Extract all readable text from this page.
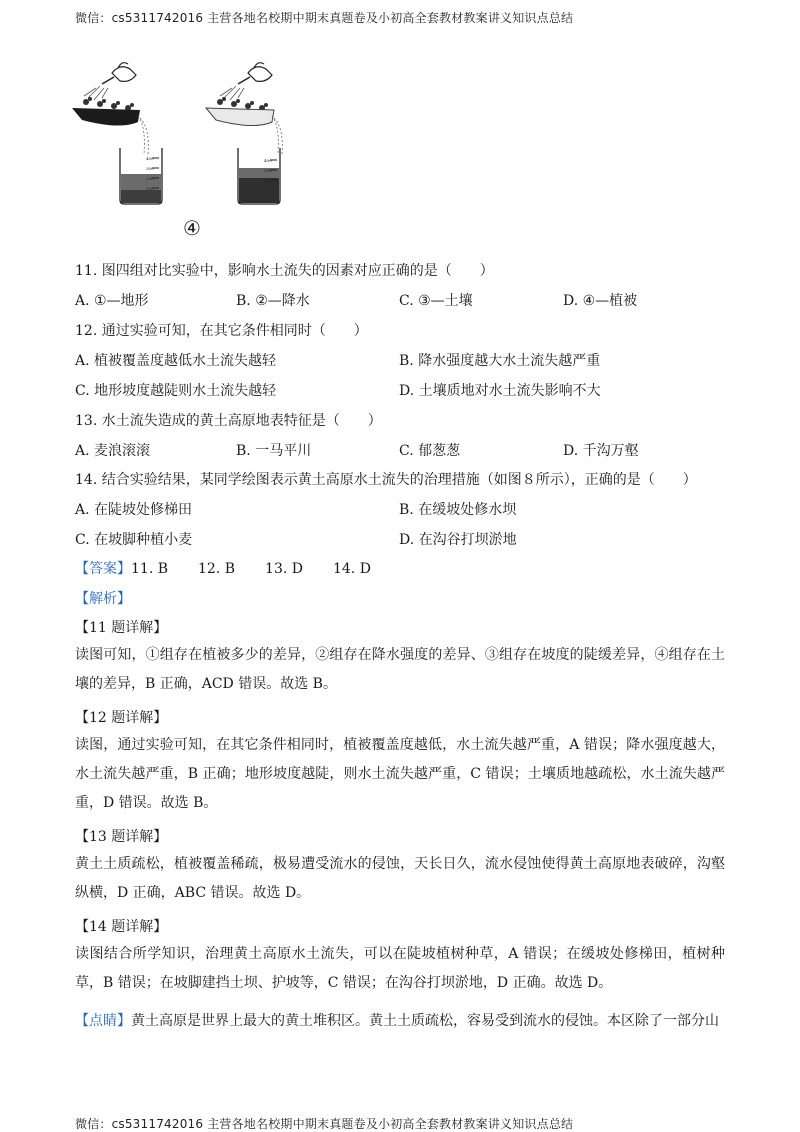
微信：cs5311742016 主营各地名校期中期末真题卷及小初高全套教材教案讲义知识点总结
400
300
200
100
400
300
200
④
11. 图四组对比实验中，影响水土流失的因素对应正确的是（　　）
A. ①—地形	B. ②—降水	C. ③—土壤	D. ④—植被
12. 通过实验可知，在其它条件相同时（　　）
A. 植被覆盖度越低水土流失越轻	B. 降水强度越大水土流失越严重
C. 地形坡度越陡则水土流失越轻	D. 土壤质地对水土流失影响不大
13. 水土流失造成的黄土高原地表特征是（　　）
A. 麦浪滚滚	B. 一马平川	C. 郁葱葱	D. 千沟万壑
14. 结合实验结果，某同学绘图表示黄土高原水土流失的治理措施（如图８所示），正确的是（　　）
A. 在陡坡处修梯田	B. 在缓坡处修水坝
C. 在坡脚种植小麦	D. 在沟谷打坝淤地
【答案】11. B 12. B 13. D 14. D
【解析】
【11 题详解】
读图可知，①组存在植被多少的差异，②组存在降水强度的差异、③组存在坡度的陡缓差异，④组存在土壤的差异，B 正确，ACD 错误。故选 B。
【12 题详解】
读图，通过实验可知，在其它条件相同时，植被覆盖度越低，水土流失越严重，A 错误；降水强度越大，水土流失越严重，B 正确；地形坡度越陡，则水土流失越严重，C 错误；土壤质地越疏松，水土流失越严重，D 错误。故选 B。
【13 题详解】
黄土土质疏松，植被覆盖稀疏，极易遭受流水的侵蚀，天长日久，流水侵蚀使得黄土高原地表破碎，沟壑纵横，D 正确，ABC 错误。故选 D。
【14 题详解】
读图结合所学知识，治理黄土高原水土流失，可以在陡坡植树种草，A 错误；在缓坡处修梯田，植树种草，B 错误；在坡脚建挡土坝、护坡等，C 错误；在沟谷打坝淤地，D 正确。故选 D。
【点睛】黄土高原是世界上最大的黄土堆积区。黄土土质疏松，容易受到流水的侵蚀。本区除了一部分山
微信：cs5311742016 主营各地名校期中期末真题卷及小初高全套教材教案讲义知识点总结
